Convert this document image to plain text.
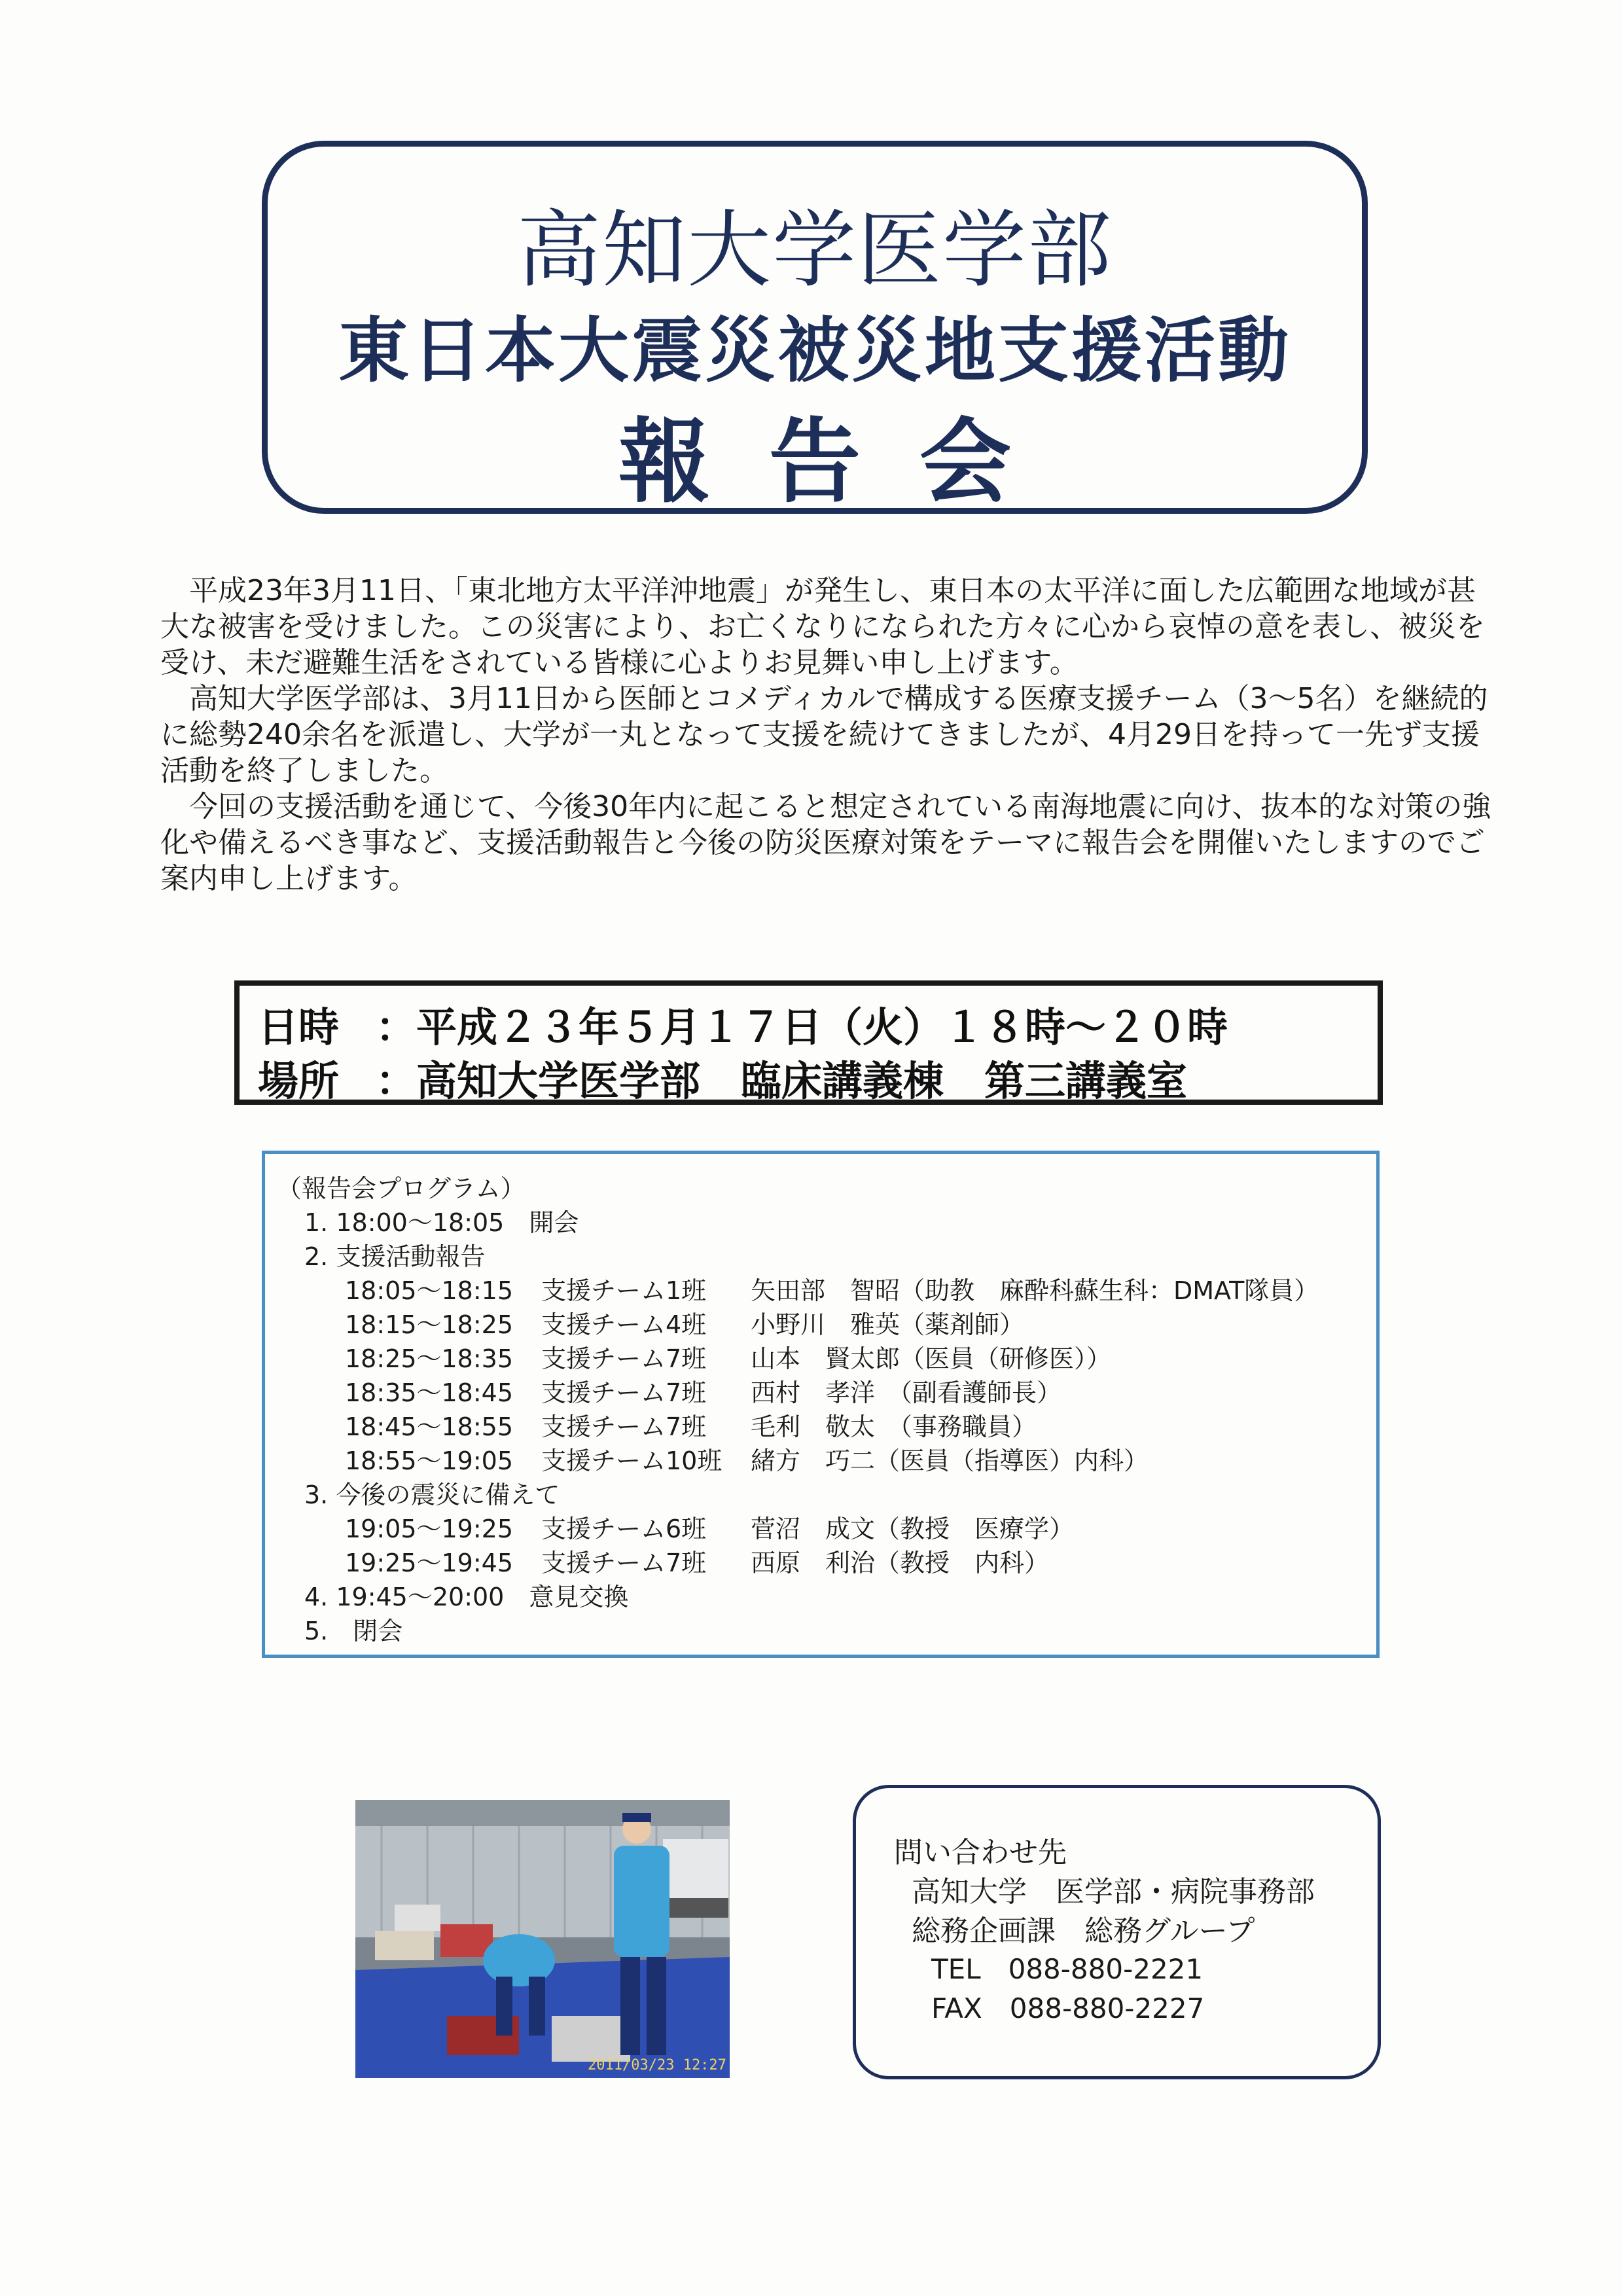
高知大学医学部
東日本大震災被災地支援活動
報告会

平成23年3月11日、「東北地方太平洋沖地震」が発生し、東日本の太平洋に面した広範囲な地域が甚大な被害を受けました。この災害により、お亡くなりになられた方々に心から哀悼の意を表し、被災を受け、未だ避難生活をされている皆様に心よりお見舞い申し上げます。

高知大学医学部は、3月11日から医師とコメディカルで構成する医療支援チーム（3～5名）を継続的に総勢240余名を派遣し、大学が一丸となって支援を続けてきましたが、4月29日を持って一先ず支援活動を終了しました。

今回の支援活動を通じて、今後30年内に起こると想定されている南海地震に向け、抜本的な対策の強化や備えるべき事など、支援活動報告と今後の防災医療対策をテーマに報告会を開催いたしますのでご案内申し上げます。

日時 ：平成２３年５月１７日（火）１８時～２０時
場所 ：高知大学医学部　臨床講義棟　第三講義室
（報告会プログラム）
1. 18:00～18:05　開会
2. 支援活動報告
18:05～18:15 支援チーム1班 矢田部　智昭（助教　麻酔科蘇生科：DMAT隊員）
18:15～18:25 支援チーム4班 小野川　雅英（薬剤師）
18:25～18:35 支援チーム7班 山本　賢太郎（医員（研修医））
18:35～18:45 支援チーム7班 西村　孝洋　（副看護師長）
18:45～18:55 支援チーム7班 毛利　敬太　（事務職員）
18:55～19:05 支援チーム10班 緒方　巧二（医員（指導医）内科）
3. 今後の震災に備えて
19:05～19:25 支援チーム6班 菅沼　成文（教授　医療学）
19:25～19:45 支援チーム7班 西原　利治（教授　内科）
4. 19:45～20:00　意見交換
5.　閉会
2011/03/23 12:27
問い合わせ先
高知大学　医学部・病院事務部
総務企画課　総務グループ
TEL　088-880-2221
FAX　088-880-2227
